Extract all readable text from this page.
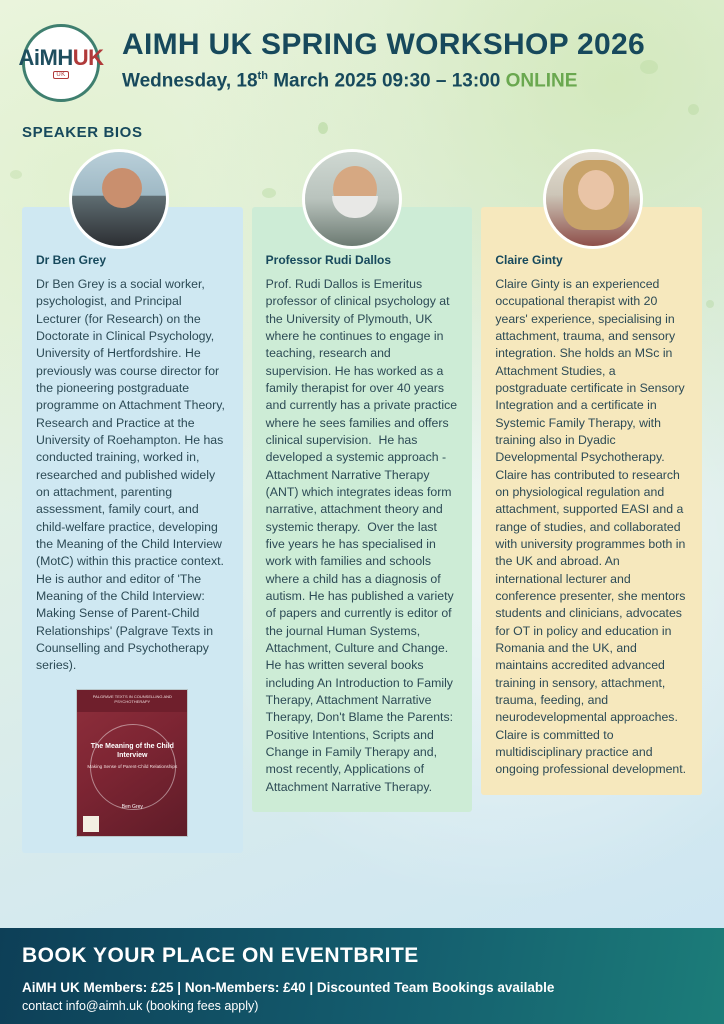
AiMHUK
UK
AIMH UK SPRING WORKSHOP 2026
Wednesday, 18th March 2025 09:30 – 13:00 ONLINE
SPEAKER BIOS
Dr Ben Grey
Dr Ben Grey is a social worker, psychologist, and Principal Lecturer (for Research) on the Doctorate in Clinical Psychology, University of Hertfordshire. He previously was course director for the pioneering postgraduate programme on Attachment Theory, Research and Practice at the University of Roehampton. He has conducted training, worked in, researched and published widely on attachment, parenting assessment, family court, and child-welfare practice, developing the Meaning of the Child Interview (MotC) within this practice context. He is author and editor of 'The Meaning of the Child Interview: Making Sense of Parent-Child Relationships' (Palgrave Texts in Counselling and Psychotherapy series).
PALGRAVE TEXTS IN COUNSELLING AND PSYCHOTHERAPY
The Meaning of the Child Interview
Making Sense of Parent-Child Relationships
Ben Grey
Professor Rudi Dallos
Prof. Rudi Dallos is Emeritus professor of clinical psychology at the University of Plymouth, UK where he continues to engage in teaching, research and supervision. He has worked as a family therapist for over 40 years and currently has a private practice where he sees families and offers clinical supervision.  He has developed a systemic approach - Attachment Narrative Therapy (ANT) which integrates ideas form narrative, attachment theory and systemic therapy.  Over the last five years he has specialised in work with families and schools where a child has a diagnosis of autism. He has published a variety of papers and currently is editor of the journal Human Systems, Attachment, Culture and Change. He has written several books including An Introduction to Family Therapy, Attachment Narrative Therapy, Don't Blame the Parents: Positive Intentions, Scripts and Change in Family Therapy and, most recently, Applications of Attachment Narrative Therapy.
Claire Ginty
Claire Ginty is an experienced occupational therapist with 20 years' experience, specialising in attachment, trauma, and sensory integration. She holds an MSc in Attachment Studies, a postgraduate certificate in Sensory Integration and a certificate in Systemic Family Therapy, with training also in Dyadic Developmental Psychotherapy. Claire has contributed to research on physiological regulation and attachment, supported EASI and a range of studies, and collaborated with university programmes both in the UK and abroad. An international lecturer and conference presenter, she mentors students and clinicians, advocates for OT in policy and education in Romania and the UK, and maintains accredited advanced training in sensory, attachment, trauma, feeding, and neurodevelopmental approaches. Claire is committed to multidisciplinary practice and ongoing professional development.
BOOK YOUR PLACE ON EVENTBRITE
AiMH UK Members: £25 | Non-Members: £40 | Discounted Team Bookings available
contact info@aimh.uk (booking fees apply)
